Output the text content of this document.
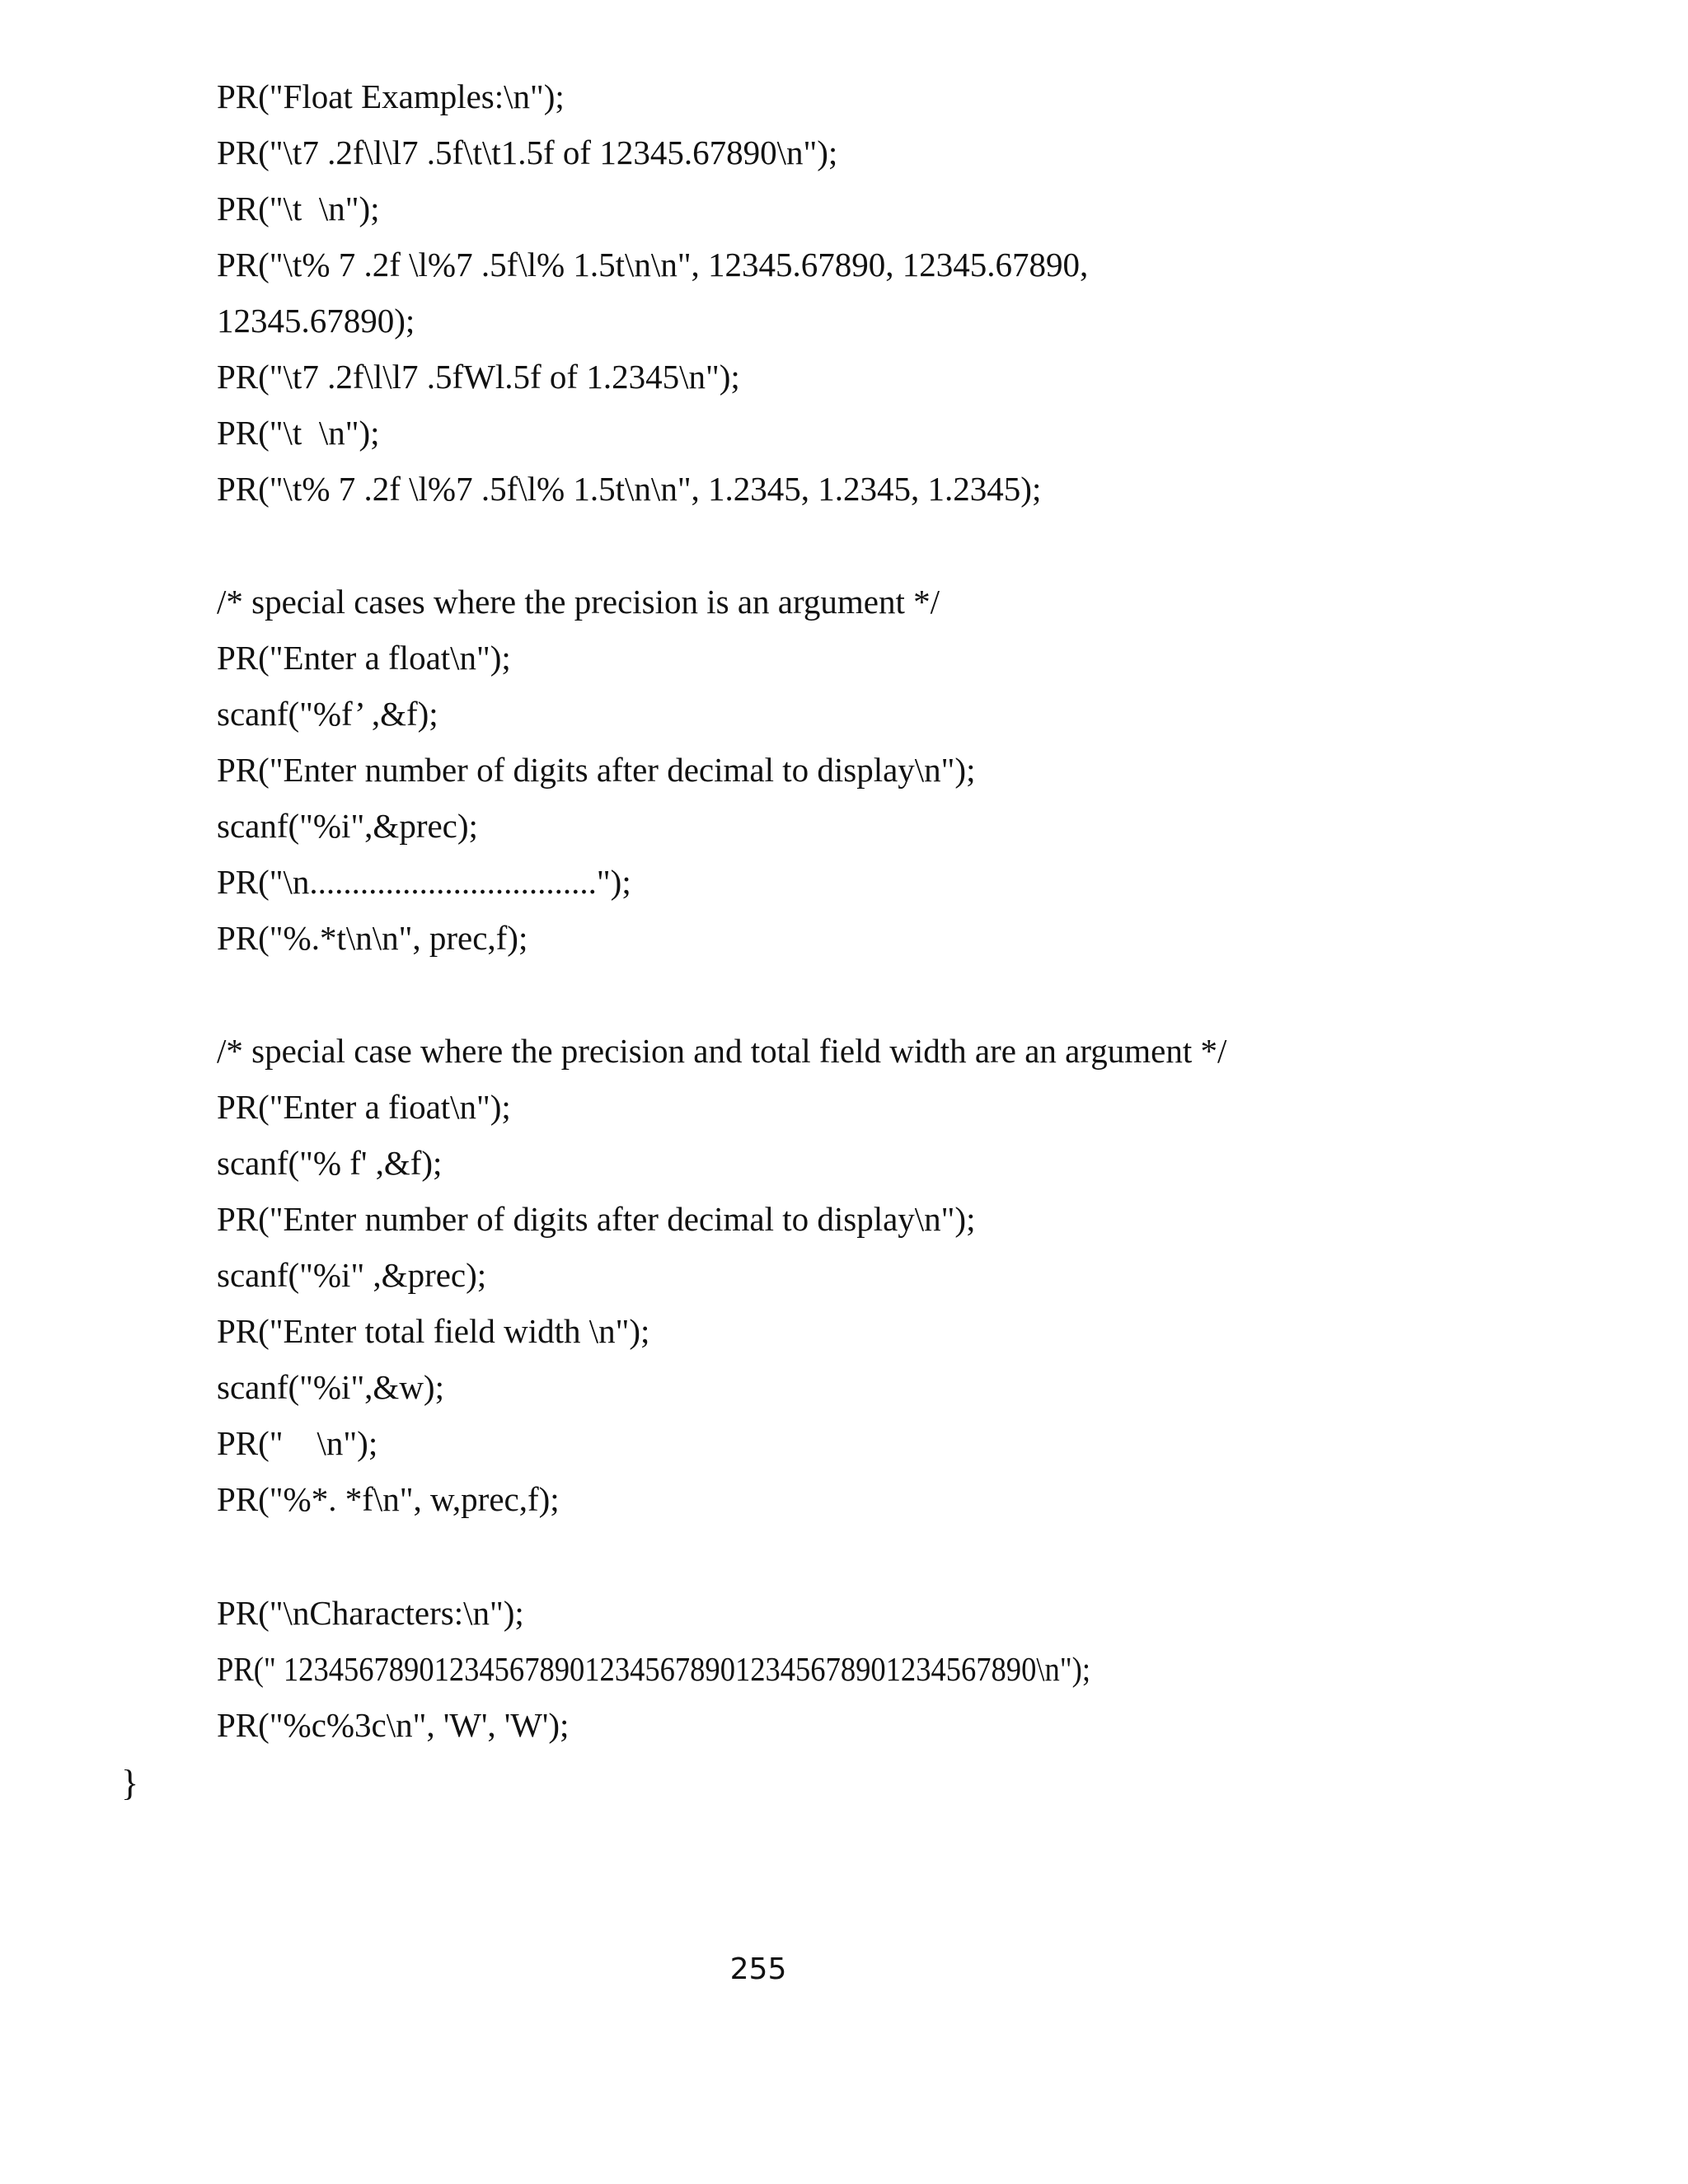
PR("Float Examples:\n");
PR("\t7 .2f\l\l7 .5f\t\t1.5f of 12345.67890\n");
PR("\t  \n");
PR("\t% 7 .2f \l%7 .5f\l% 1.5t\n\n", 12345.67890, 12345.67890,
12345.67890);
PR("\t7 .2f\l\l7 .5fWl.5f of 1.2345\n");
PR("\t  \n");
PR("\t% 7 .2f \l%7 .5f\l% 1.5t\n\n", 1.2345, 1.2345, 1.2345);
/* special cases where the precision is an argument */
PR("Enter a float\n");
scanf("%f’ ,&f);
PR("Enter number of digits after decimal to display\n");
scanf("%i",&prec);
PR("\n..................................");
PR("%.*t\n\n", prec,f);
/* special case where the precision and total field width are an argument */
PR("Enter a fioat\n");
scanf("% f' ,&f);
PR("Enter number of digits after decimal to display\n");
scanf("%i" ,&prec);
PR("Enter total field width \n");
scanf("%i",&w);
PR("    \n");
PR("%*. *f\n", w,prec,f);
PR("\nCharacters:\n");
PR(" 12345678901234567890123456789012345678901234567890\n");
PR("%c%3c\n", 'W', 'W');
}
255
